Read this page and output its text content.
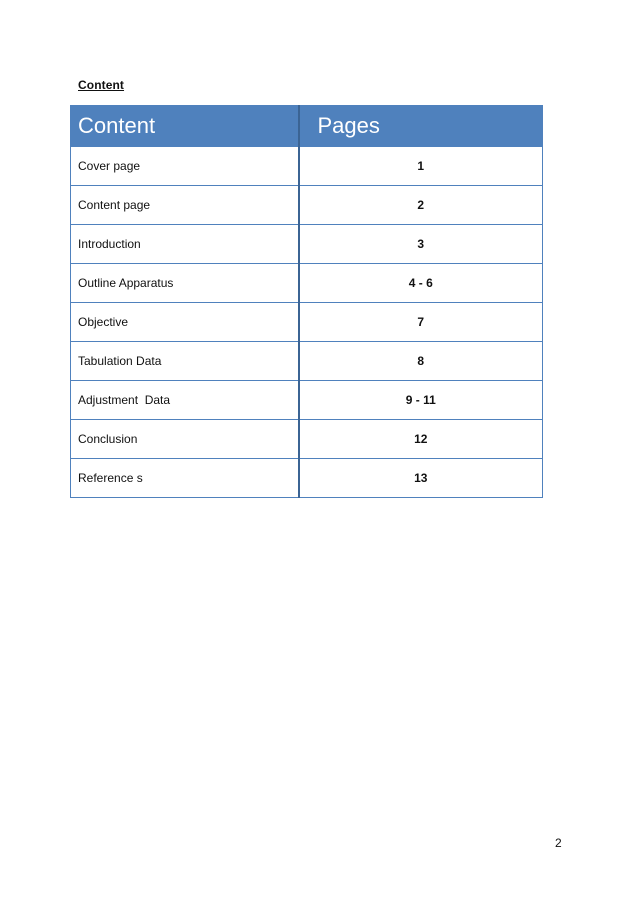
Content
Content	Pages
Cover page	1
Content page	2
Introduction	3
Outline Apparatus	4 - 6
Objective	7
Tabulation Data	8
Adjustment  Data	9 - 11
Conclusion	12
Reference s	13
2
